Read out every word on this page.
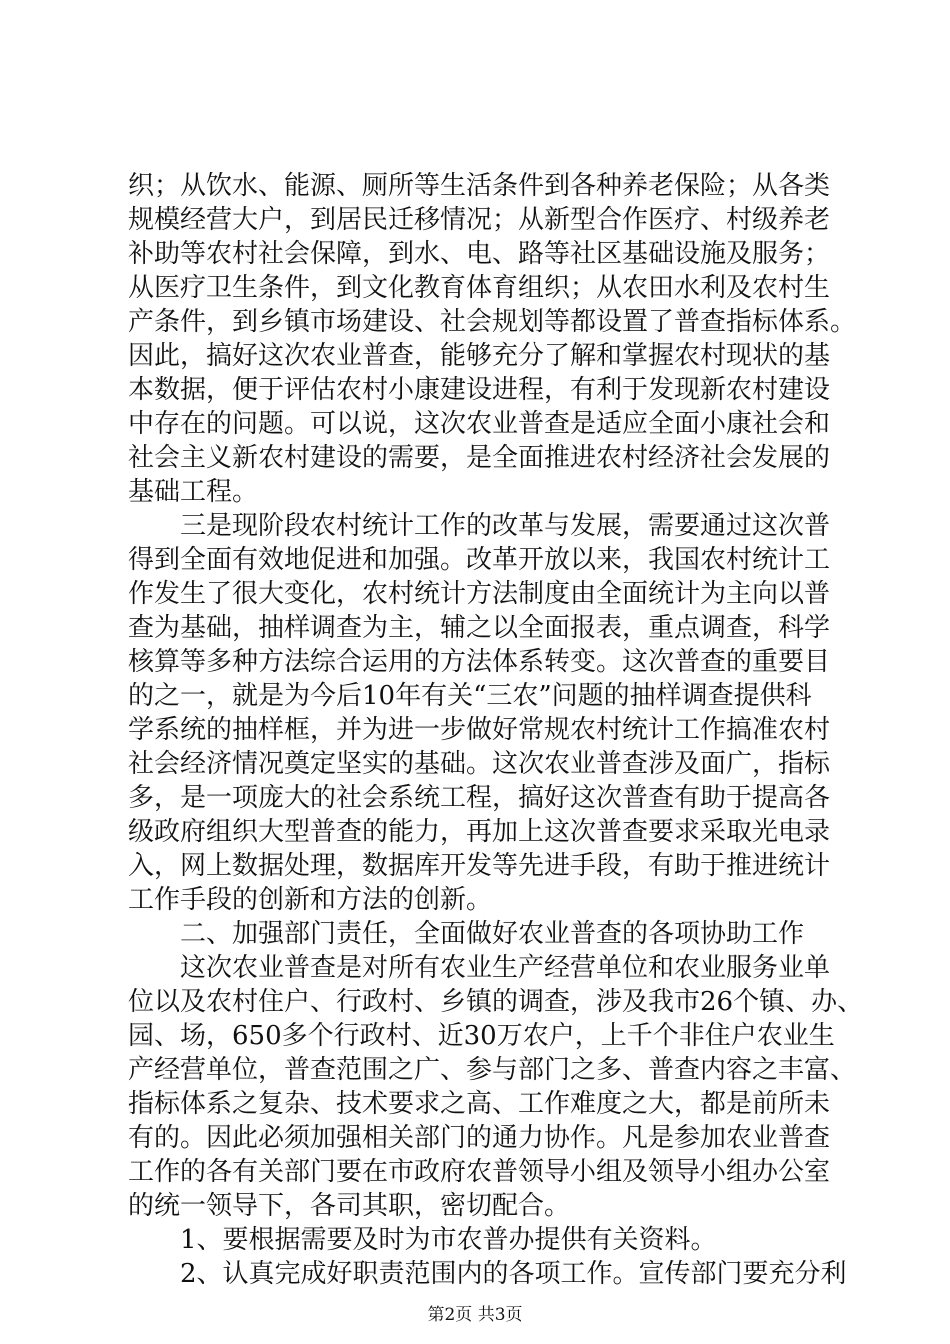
织；从饮水、能源、厕所等生活条件到各种养老保险；从各类
规模经营大户，到居民迁移情况；从新型合作医疗、村级养老
补助等农村社会保障，到水、电、路等社区基础设施及服务；
从医疗卫生条件，到文化教育体育组织；从农田水利及农村生
产条件，到乡镇市场建设、社会规划等都设置了普查指标体系。
因此，搞好这次农业普查，能够充分了解和掌握农村现状的基
本数据，便于评估农村小康建设进程，有利于发现新农村建设
中存在的问题。可以说，这次农业普查是适应全面小康社会和
社会主义新农村建设的需要，是全面推进农村经济社会发展的
基础工程。
三是现阶段农村统计工作的改革与发展，需要通过这次普
得到全面有效地促进和加强。改革开放以来，我国农村统计工
作发生了很大变化，农村统计方法制度由全面统计为主向以普
查为基础，抽样调查为主，辅之以全面报表，重点调查，科学
核算等多种方法综合运用的方法体系转变。这次普查的重要目
的之一，就是为今后10年有关“三农”问题的抽样调查提供科
学系统的抽样框，并为进一步做好常规农村统计工作搞准农村
社会经济情况奠定坚实的基础。这次农业普查涉及面广，指标
多，是一项庞大的社会系统工程，搞好这次普查有助于提高各
级政府组织大型普查的能力，再加上这次普查要求采取光电录
入，网上数据处理，数据库开发等先进手段，有助于推进统计
工作手段的创新和方法的创新。
二、加强部门责任，全面做好农业普查的各项协助工作
这次农业普查是对所有农业生产经营单位和农业服务业单
位以及农村住户、行政村、乡镇的调查，涉及我市26个镇、办、
园、场，650多个行政村、近30万农户，上千个非住户农业生
产经营单位，普查范围之广、参与部门之多、普查内容之丰富、
指标体系之复杂、技术要求之高、工作难度之大，都是前所未
有的。因此必须加强相关部门的通力协作。凡是参加农业普查
工作的各有关部门要在市政府农普领导小组及领导小组办公室
的统一领导下，各司其职，密切配合。
1、要根据需要及时为市农普办提供有关资料。
2、认真完成好职责范围内的各项工作。宣传部门要充分利
第2页 共3页
